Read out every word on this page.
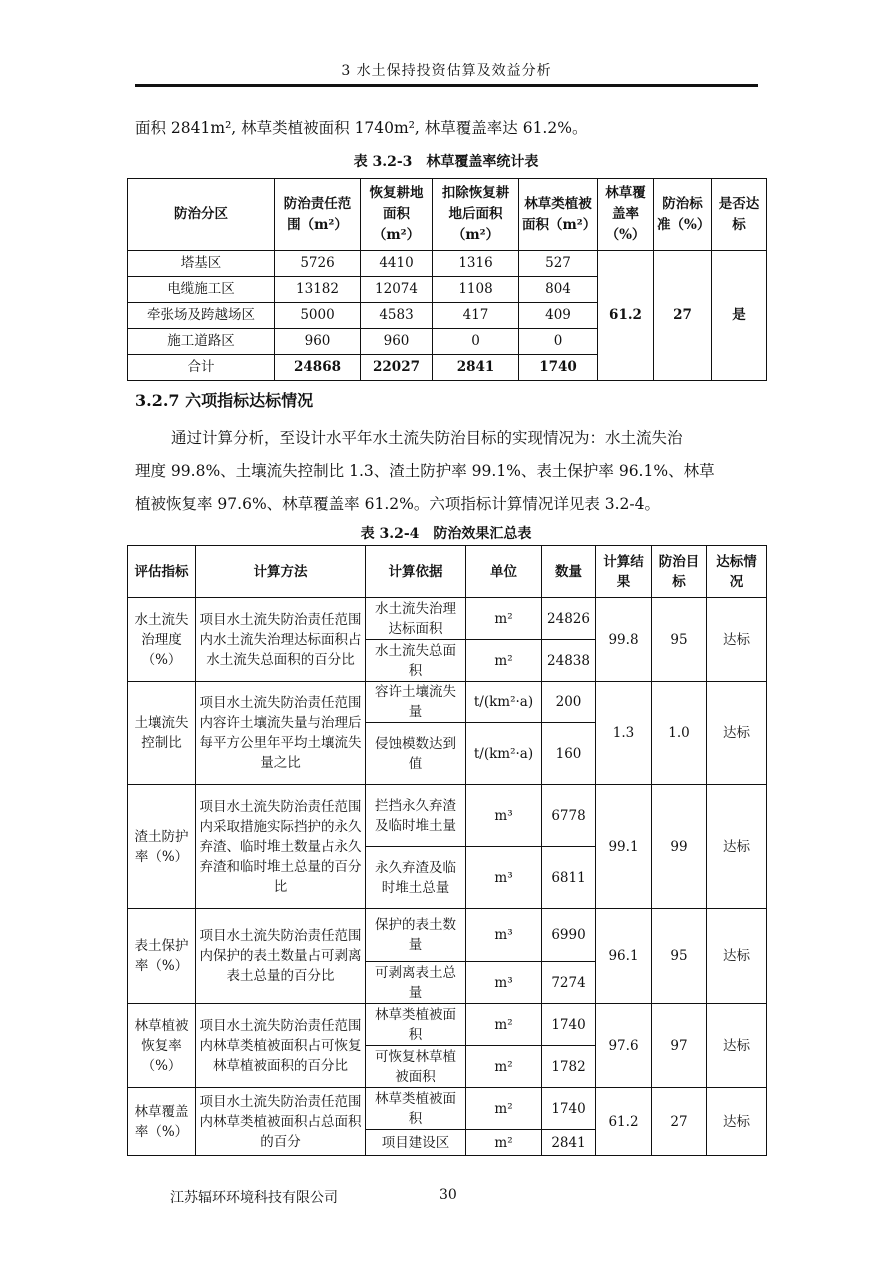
3 水土保持投资估算及效益分析
面积 2841m², 林草类植被面积 1740m², 林草覆盖率达 61.2%。
表 3.2-3　林草覆盖率统计表
防治分区	防治责任范围（m²）	恢复耕地面积（m²）	扣除恢复耕地后面积（m²）	林草类植被面积（m²）	林草覆盖率（%）	防治标准（%）	是否达标
塔基区	5726	4410	1316	527	61.2	27	是
电缆施工区	13182	12074	1108	804			
牵张场及跨越场区	5000	4583	417	409			
施工道路区	960	960	0	0			
合计	24868	22027	2841	1740			
3.2.7 六项指标达标情况
通过计算分析，至设计水平年水土流失防治目标的实现情况为：水土流失治
理度 99.8%、土壤流失控制比 1.3、渣土防护率 99.1%、表土保护率 96.1%、林草
植被恢复率 97.6%、林草覆盖率 61.2%。六项指标计算情况详见表 3.2-4。
表 3.2-4　防治效果汇总表
评估指标	计算方法	计算依据	单位	数量	计算结果	防治目标	达标情况
水土流失治理度（%）	项目水土流失防治责任范围内水土流失治理达标面积占水土流失总面积的百分比	水土流失治理达标面积	m²	24826	99.8	95	达标
		水土流失总面积	m²	24838			
土壤流失控制比	项目水土流失防治责任范围内容许土壤流失量与治理后每平方公里年平均土壤流失量之比	容许土壤流失量	t/(km²·a)	200	1.3	1.0	达标
		侵蚀模数达到值	t/(km²·a)	160			
渣土防护率（%）	项目水土流失防治责任范围内采取措施实际挡护的永久弃渣、临时堆土数量占永久弃渣和临时堆土总量的百分比	拦挡永久弃渣及临时堆土量	m³	6778	99.1	99	达标
		永久弃渣及临时堆土总量	m³	6811			
表土保护率（%）	项目水土流失防治责任范围内保护的表土数量占可剥离表土总量的百分比	保护的表土数量	m³	6990	96.1	95	达标
		可剥离表土总量	m³	7274			
林草植被恢复率（%）	项目水土流失防治责任范围内林草类植被面积占可恢复林草植被面积的百分比	林草类植被面积	m²	1740	97.6	97	达标
		可恢复林草植被面积	m²	1782			
林草覆盖率（%）	项目水土流失防治责任范围内林草类植被面积占总面积的百分	林草类植被面积	m²	1740	61.2	27	达标
		项目建设区	m²	2841			
江苏辐环环境科技有限公司	30
